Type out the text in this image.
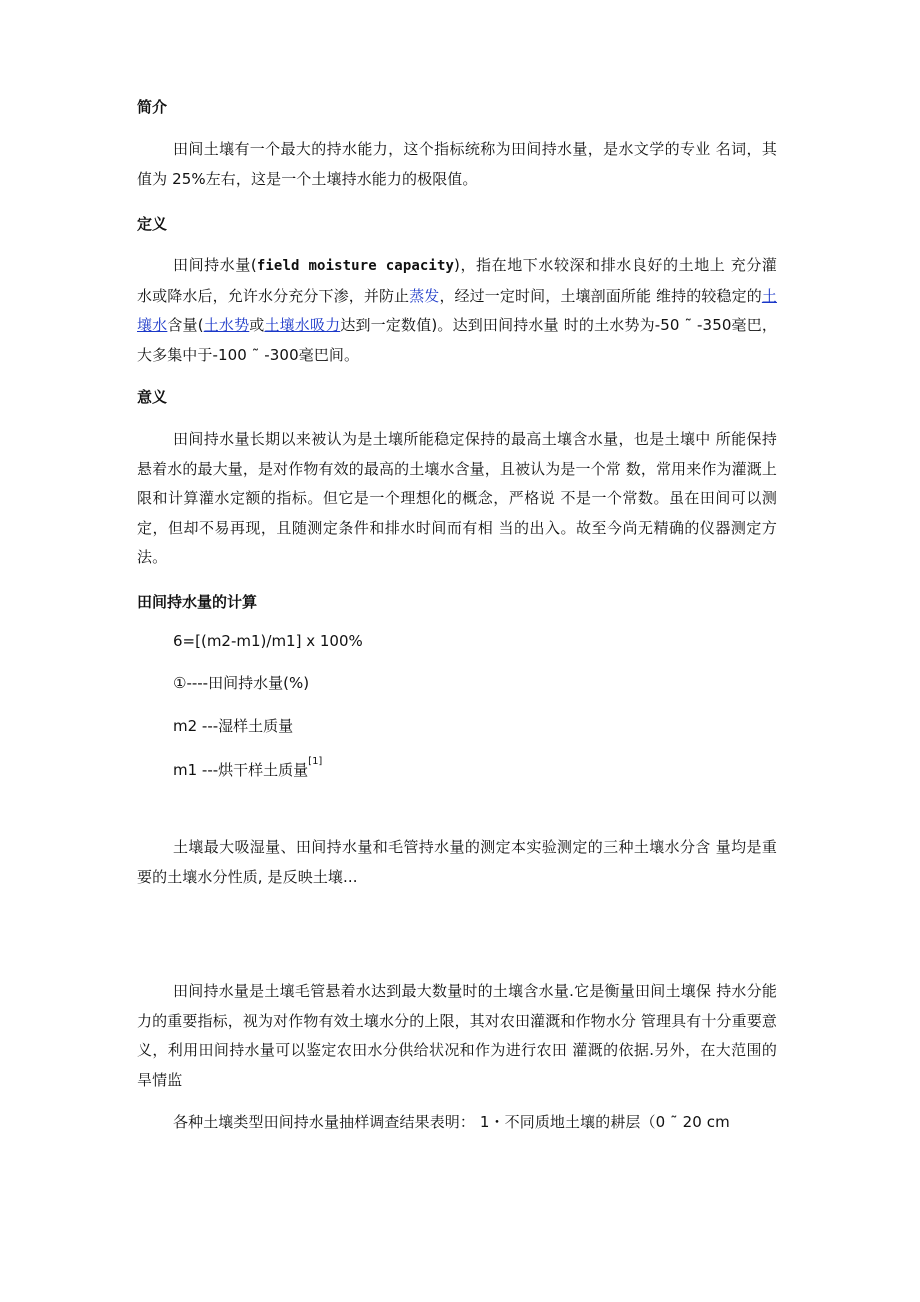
简介
田间土壤有一个最大的持水能力，这个指标统称为田间持水量，是水文学的专业 名词，其值为 25%左右，这是一个土壤持水能力的极限值。
定义
田间持水量(field moisture capacity)，指在地下水较深和排水良好的土地上 充分灌水或降水后，允许水分充分下渗，并防止蒸发，经过一定时间，土壤剖面所能 维持的较稳定的土壤水含量(土水势或土壤水吸力达到一定数值)。达到田间持水量 时的土水势为-50 ˜ -350毫巴，大多集中于-100 ˜ -300毫巴间。
意义
田间持水量长期以来被认为是土壤所能稳定保持的最高土壤含水量，也是土壤中 所能保持悬着水的最大量，是对作物有效的最高的土壤水含量，且被认为是一个常 数，常用来作为灌溉上限和计算灌水定额的指标。但它是一个理想化的概念，严格说 不是一个常数。虽在田间可以测定，但却不易再现，且随测定条件和排水时间而有相 当的出入。故至今尚无精确的仪器测定方法。
田间持水量的计算
6=[(m2-m1)/m1] x 100%
①----田间持水量(%)
m2 ---湿样土质量
m1 ---烘干样土质量[1]
土壤最大吸湿量、田间持水量和毛管持水量的测定本实验测定的三种土壤水分含 量均是重要的土壤水分性质, 是反映土壤...
田间持水量是土壤毛管悬着水达到最大数量时的土壤含水量.它是衡量田间土壤保 持水分能力的重要指标，视为对作物有效土壤水分的上限，其对农田灌溉和作物水分 管理具有十分重要意义，利用田间持水量可以鉴定农田水分供给状况和作为进行农田 灌溉的依据.另外，在大范围的旱情监
各种土壤类型田间持水量抽样调查结果表明： 1・不同质地土壤的耕层（0 ˜ 20 cm
